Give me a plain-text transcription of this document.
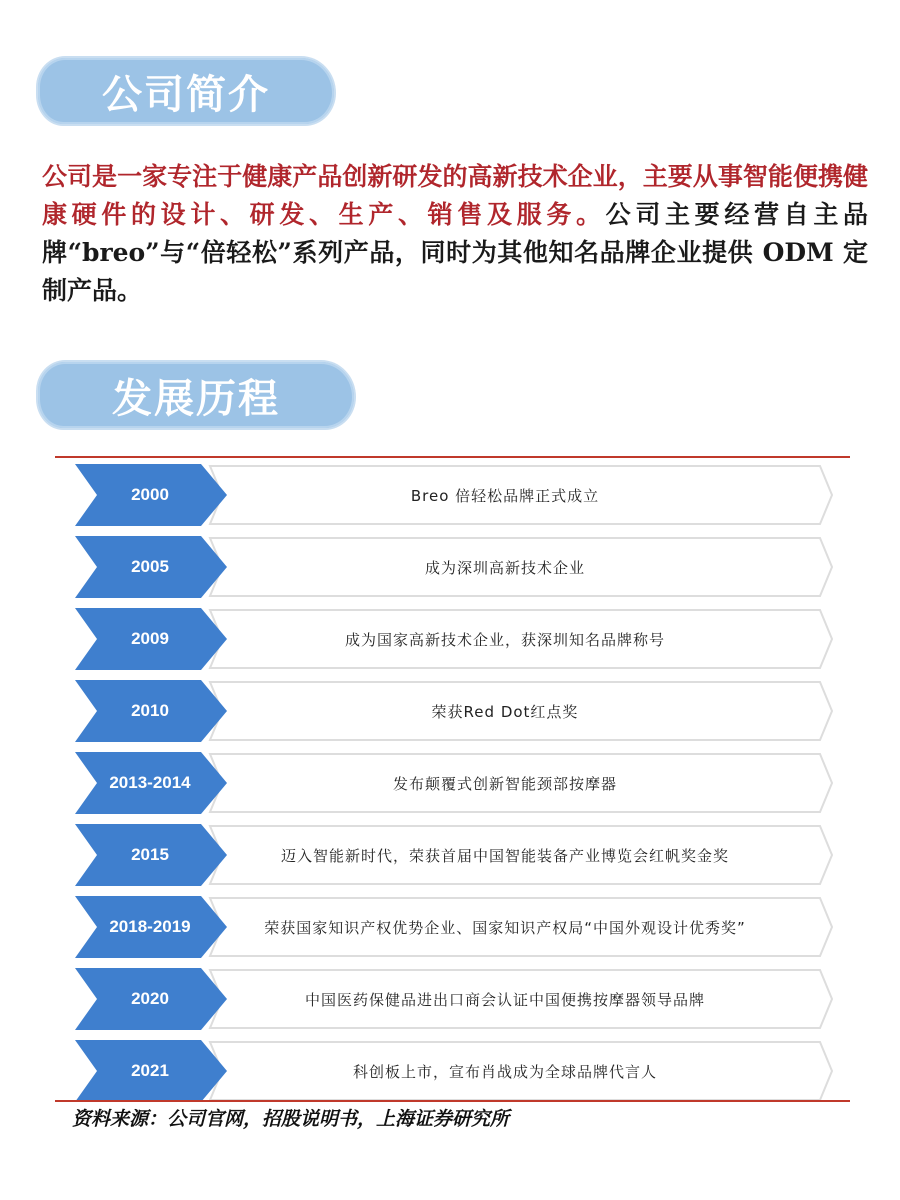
公司简介
公司是一家专注于健康产品创新研发的高新技术企业，主要从事智能便携健康硬件的设计、研发、生产、销售及服务。公司主要经营自主品牌“breo”与“倍轻松”系列产品，同时为其他知名品牌企业提供 ODM 定制产品。
发展历程
2000	Breo 倍轻松品牌正式成立
2005	成为深圳高新技术企业
2009	成为国家高新技术企业，获深圳知名品牌称号
2010	荣获Red Dot红点奖
2013-2014	发布颠覆式创新智能颈部按摩器
2015	迈入智能新时代，荣获首届中国智能装备产业博览会红帆奖金奖
2018-2019	荣获国家知识产权优势企业、国家知识产权局“中国外观设计优秀奖”
2020	中国医药保健品进出口商会认证中国便携按摩器领导品牌
2021	科创板上市，宣布肖战成为全球品牌代言人
资料来源：公司官网，招股说明书，上海证券研究所
